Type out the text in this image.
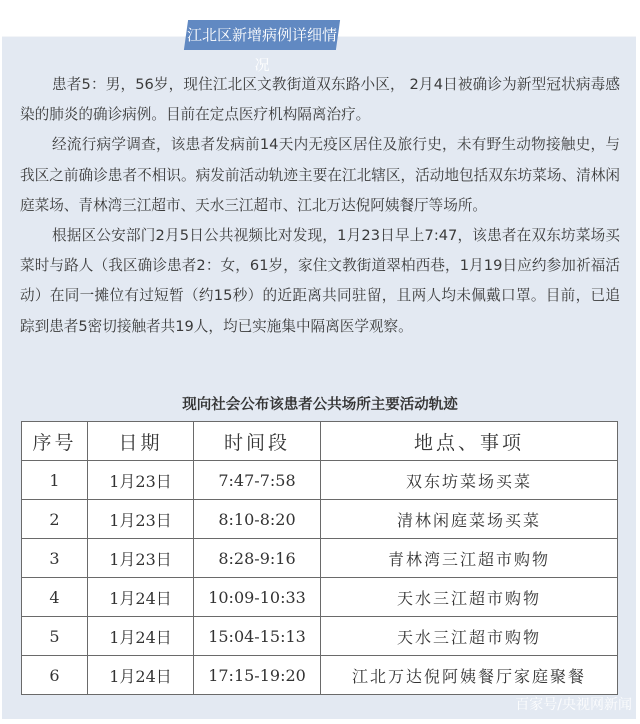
江北区新增病例详细情况

患者5：男，56岁，现住江北区文教街道双东路小区， 2月4日被确诊为新型冠状病毒感染的肺炎的确诊病例。目前在定点医疗机构隔离治疗。

经流行病学调查，该患者发病前14天内无疫区居住及旅行史，未有野生动物接触史，与我区之前确诊患者不相识。病发前活动轨迹主要在江北辖区，活动地包括双东坊菜场、清林闲庭菜场、青林湾三江超市、天水三江超市、江北万达倪阿姨餐厅等场所。

根据区公安部门2月5日公共视频比对发现，1月23日早上7:47，该患者在双东坊菜场买菜时与路人（我区确诊患者2：女，61岁，家住文教街道翠柏西巷，1月19日应约参加祈福活动）在同一摊位有过短暂（约15秒）的近距离共同驻留，且两人均未佩戴口罩。目前，已追踪到患者5密切接触者共19人，均已实施集中隔离医学观察。

现向社会公布该患者公共场所主要活动轨迹
序号	日期	时间段	地点、事项
1	1月23日	7:47-7:58	双东坊菜场买菜
2	1月23日	8:10-8:20	清林闲庭菜场买菜
3	1月23日	8:28-9:16	青林湾三江超市购物
4	1月24日	10:09-10:33	天水三江超市购物
5	1月24日	15:04-15:13	天水三江超市购物
6	1月24日	17:15-19:20	江北万达倪阿姨餐厅家庭聚餐
百家号/央视网新闻
